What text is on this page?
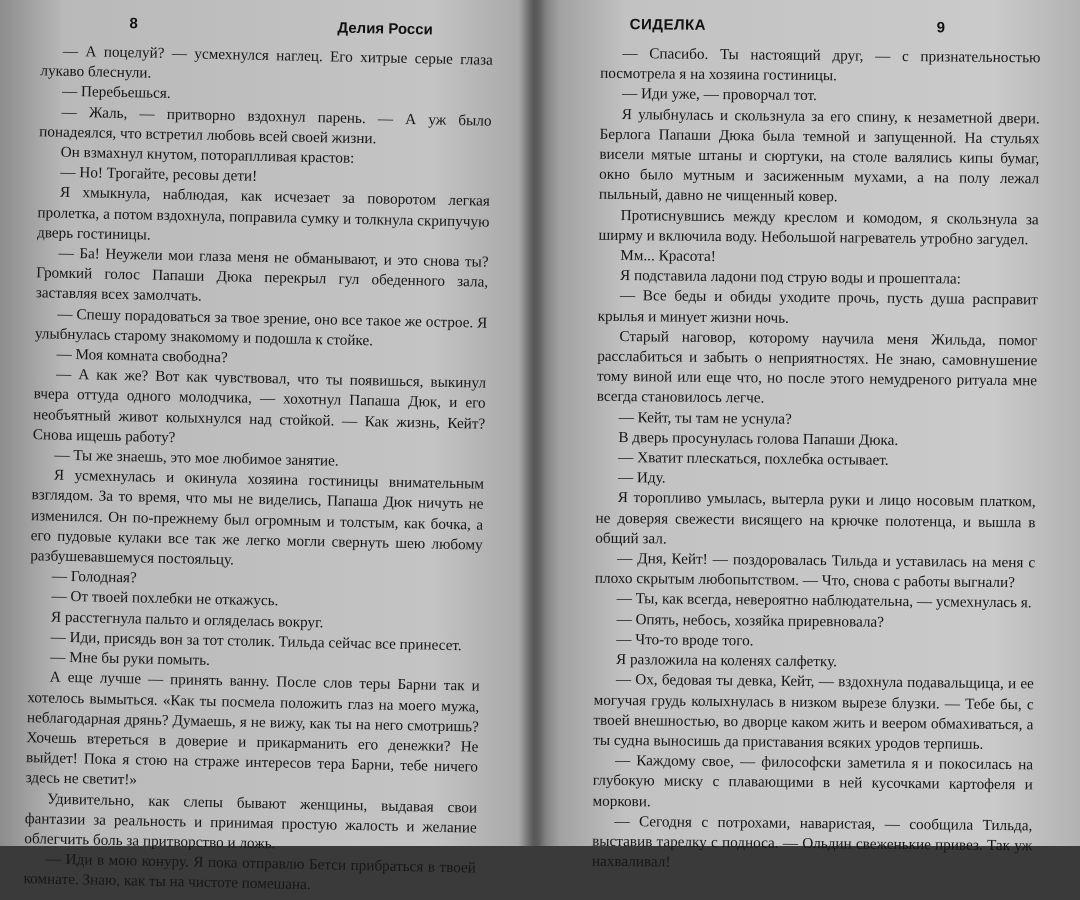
8	Делия Росси

— А поцелуй? — усмехнулся наглец. Его хитрые серые глаза лукаво блеснули.

— Перебьешься.

— Жаль, — притворно вздохнул парень. — А уж было понадеялся, что встретил любовь всей своей жизни.

Он взмахнул кнутом, потораплливая крастов:

— Но! Трогайте, ресовы дети!

Я хмыкнула, наблюдая, как исчезает за поворотом легкая пролетка, а потом вздохнула, поправила сумку и толкнула скрипучую дверь гостиницы.

— Ба! Неужели мои глаза меня не обманывают, и это снова ты? Громкий голос Папаши Дюка перекрыл гул обеденного зала, заставляя всех замолчать.

— Спешу порадоваться за твое зрение, оно все такое же острое. Я улыбнулась старому знакомому и подошла к стойке.

— Моя комната свободна?

— А как же? Вот как чувствовал, что ты появишься, выкинул вчера оттуда одного молодчика, — хохотнул Папаша Дюк, и его необъятный живот колыхнулся над стойкой. — Как жизнь, Кейт? Снова ищешь работу?

— Ты же знаешь, это мое любимое занятие.

Я усмехнулась и окинула хозяина гостиницы внимательным взглядом. За то время, что мы не виделись, Папаша Дюк ничуть не изменился. Он по-прежнему был огромным и толстым, как бочка, а его пудовые кулаки все так же легко могли свернуть шею любому разбушевавшемуся постояльцу.

— Голодная?

— От твоей похлебки не откажусь.

Я расстегнула пальто и огляделась вокруг.

— Иди, присядь вон за тот столик. Тильда сейчас все принесет.

— Мне бы руки помыть.

А еще лучше — принять ванну. После слов теры Барни так и хотелось вымыться. «Как ты посмела положить глаз на моего мужа, неблагодарная дрянь? Думаешь, я не вижу, как ты на него смотришь? Хочешь втереться в доверие и прикарманить его денежки? Не выйдет! Пока я стою на страже интересов тера Барни, тебе ничего здесь не светит!»

Удивительно, как слепы бывают женщины, выдавая свои фантазии за реальность и принимая простую жалость и желание облегчить боль за притворство и ложь.

— Иди в мою конуру. Я пока отправлю Бетси прибраться в твоей комнате. Знаю, как ты на чистоте помешана.

СИДЕЛКА	9

— Спасибо. Ты настоящий друг, — с признательностью посмотрела я на хозяина гостиницы.

— Иди уже, — проворчал тот.

Я улыбнулась и скользнула за его спину, к незаметной двери. Берлога Папаши Дюка была темной и запущенной. На стульях висели мятые штаны и сюртуки, на столе валялись кипы бумаг, окно было мутным и засиженным мухами, а на полу лежал пыльный, давно не чищенный ковер.

Протиснувшись между креслом и комодом, я скользнула за ширму и включила воду. Небольшой нагреватель утробно загудел.

Мм... Красота!

Я подставила ладони под струю воды и прошептала:

— Все беды и обиды уходите прочь, пусть душа расправит крылья и минует жизни ночь.

Старый наговор, которому научила меня Жильда, помог расслабиться и забыть о неприятностях. Не знаю, самовнушение тому виной или еще что, но после этого немудреного ритуала мне всегда становилось легче.

— Кейт, ты там не уснула?

В дверь просунулась голова Папаши Дюка.

— Хватит плескаться, похлебка остывает.

— Иду.

Я торопливо умылась, вытерла руки и лицо носовым платком, не доверяя свежести висящего на крючке полотенца, и вышла в общий зал.

— Дня, Кейт! — поздоровалась Тильда и уставилась на меня с плохо скрытым любопытством. — Что, снова с работы выгнали?

— Ты, как всегда, невероятно наблюдательна, — усмехнулась я.

— Опять, небось, хозяйка приревновала?

— Что-то вроде того.

Я разложила на коленях салфетку.

— Ох, бедовая ты девка, Кейт, — вздохнула подавальщица, и ее могучая грудь колыхнулась в низком вырезе блузки. — Тебе бы, с твоей внешностью, во дворце каком жить и веером обмахиваться, а ты судна выносишь да приставания всяких уродов терпишь.

— Каждому свое, — философски заметила я и покосилась на глубокую миску с плавающими в ней кусочками картофеля и моркови.

— Сегодня с потрохами, наваристая, — сообщила Тильда, выставив тарелку с подноса. — Ольдин свеженькие привез. Так уж нахваливал!
